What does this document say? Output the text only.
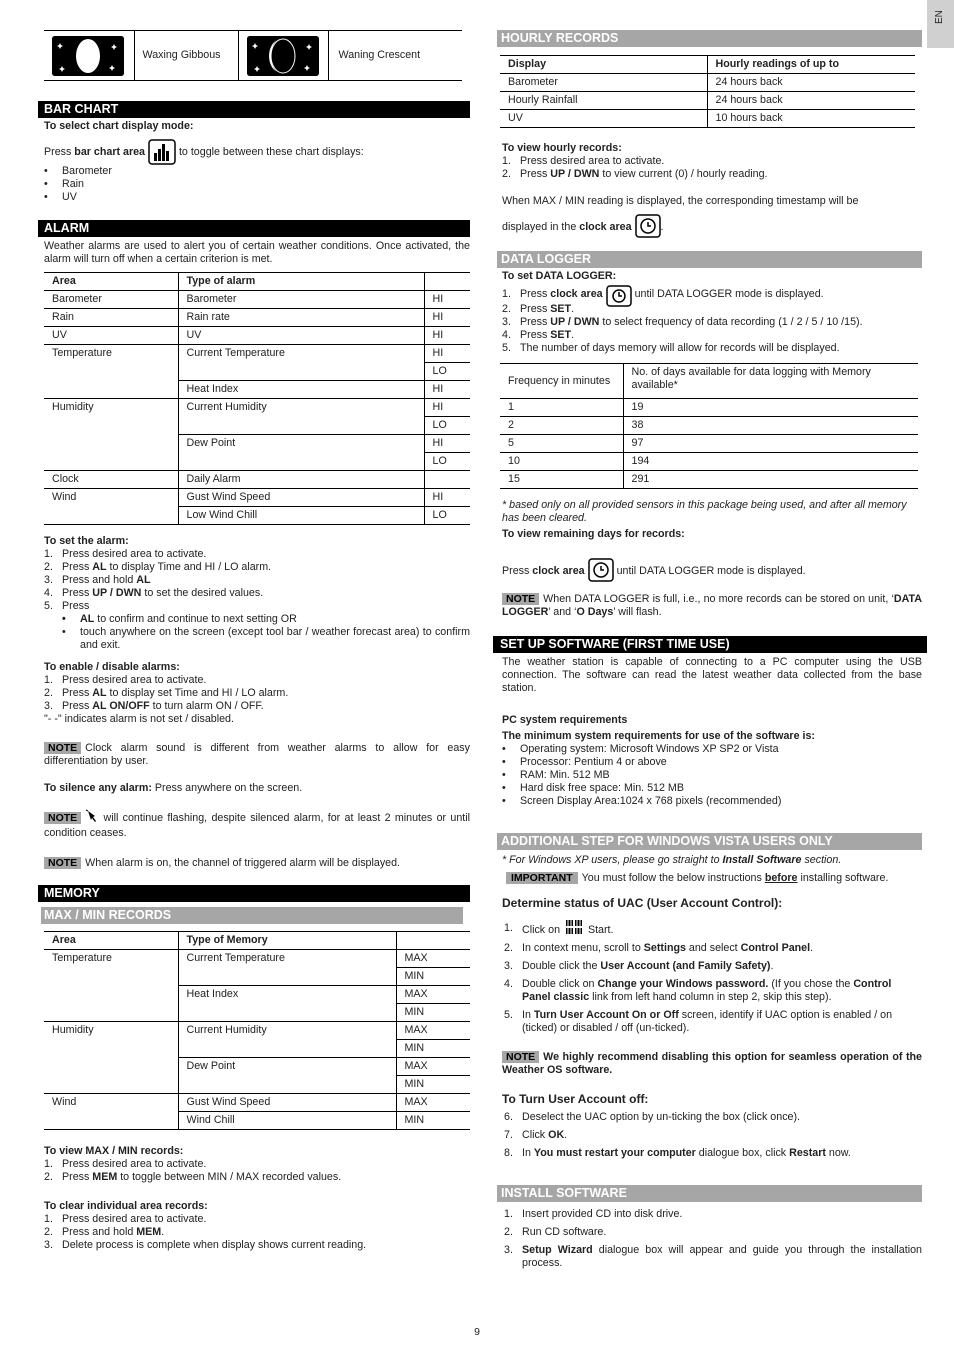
EN
	Waxing Gibbous		Waning Crescent
BAR CHART

To select chart display mode:

Press bar chart area	to toggle between these chart displays:

• Barometer
• Rain
• UV
ALARM

Weather alarms are used to alert you of certain weather conditions. Once activated, the alarm will turn off when a certain criterion is met.

Area	Type of alarm	
Barometer	Barometer	HI
Rain	Rain rate	HI
UV	UV	HI
Temperature	Current Temperature	HI
		LO
	Heat Index	HI
Humidity	Current Humidity	HI
		LO
	Dew Point	HI
		LO
Clock	Daily Alarm	
Wind	Gust Wind Speed	HI
	Low Wind Chill	LO

To set the alarm:

1. Press desired area to activate.
2. Press AL to display Time and HI / LO alarm.
3. Press and hold AL
4. Press UP / DWN to set the desired values.
5. Press
• AL to confirm and continue to next setting OR
• touch anywhere on the screen (except tool bar / weather forecast area) to confirm and exit.

To enable / disable alarms:

1. Press desired area to activate.
2. Press AL to display set Time and HI / LO alarm.
3. Press AL ON/OFF to turn alarm ON / OFF.

"- -" indicates alarm is not set / disabled.

NOTE Clock alarm sound is different from weather alarms to allow for easy differentiation by user.

To silence any alarm: Press anywhere on the screen.

NOTE will continue flashing, despite silenced alarm, for at least 2 minutes or until condition ceases.

NOTE When alarm is on, the channel of triggered alarm will be displayed.

MEMORY
MAX / MIN RECORDS
Area	Type of Memory	
Temperature	Current Temperature	MAX
		MIN
	Heat Index	MAX
		MIN
Humidity	Current Humidity	MAX
		MIN
	Dew Point	MAX
		MIN
Wind	Gust Wind Speed	MAX
	Wind Chill	MIN

To view MAX / MIN records:

1. Press desired area to activate.
2. Press MEM to toggle between MIN / MAX recorded values.

To clear individual area records:

1. Press desired area to activate.
2. Press and hold MEM.
3. Delete process is complete when display shows current reading.
HOURLY RECORDS
Display	Hourly readings of up to
Barometer	24 hours back
Hourly Rainfall	24 hours back
UV	10 hours back

To view hourly records:

1. Press desired area to activate.
2. Press UP / DWN to view current (0) / hourly reading.

When MAX / MIN reading is displayed, the corresponding timestamp will be

displayed in the clock area	.

DATA LOGGER

To set DATA LOGGER:

1. Press clock area	until DATA LOGGER mode is displayed.
2. Press SET.
3. Press UP / DWN to select frequency of data recording (1 / 2 / 5 / 10 /15).
4. Press SET.
5. The number of days memory will allow for records will be displayed.
Frequency in minutes	No. of days available for data logging with Memory available*
1	19
2	38
5	97
10	194
15	291

* based only on all provided sensors in this package being used, and after all memory has been cleared.

To view remaining days for records:

Press clock area	until DATA LOGGER mode is displayed.

NOTE When DATA LOGGER is full, i.e., no more records can be stored on unit, ‘DATA LOGGER’ and ‘O Days’ will flash.

SET UP SOFTWARE (FIRST TIME USE)

The weather station is capable of connecting to a PC computer using the USB connection. The software can read the latest weather data collected from the base station.

PC system requirements

The minimum system requirements for use of the software is:

• Operating system: Microsoft Windows XP SP2 or Vista
• Processor: Pentium 4 or above
• RAM: Min. 512 MB
• Hard disk free space: Min. 512 MB
• Screen Display Area:1024 x 768 pixels (recommended)
ADDITIONAL STEP FOR WINDOWS VISTA USERS ONLY

* For Windows XP users, please go straight to Install Software section.

IMPORTANT You must follow the below instructions before installing software.

Determine status of UAC (User Account Control):

1. Click on  Start.
2. In context menu, scroll to Settings and select Control Panel.
3. Double click the User Account (and Family Safety).
4. Double click on Change your Windows password. (If you chose the Control Panel classic link from left hand column in step 2, skip this step).
5. In Turn User Account On or Off screen, identify if UAC option is enabled / on (ticked) or disabled / off (un-ticked).

NOTE We highly recommend disabling this option for seamless operation of the Weather OS software.

To Turn User Account off:

6. Deselect the UAC option by un-ticking the box (click once).
7. Click OK.
8. In You must restart your computer dialogue box, click Restart now.
INSTALL SOFTWARE
1. Insert provided CD into disk drive.
2. Run CD software.
3. Setup Wizard dialogue box will appear and guide you through the installation process.
9
